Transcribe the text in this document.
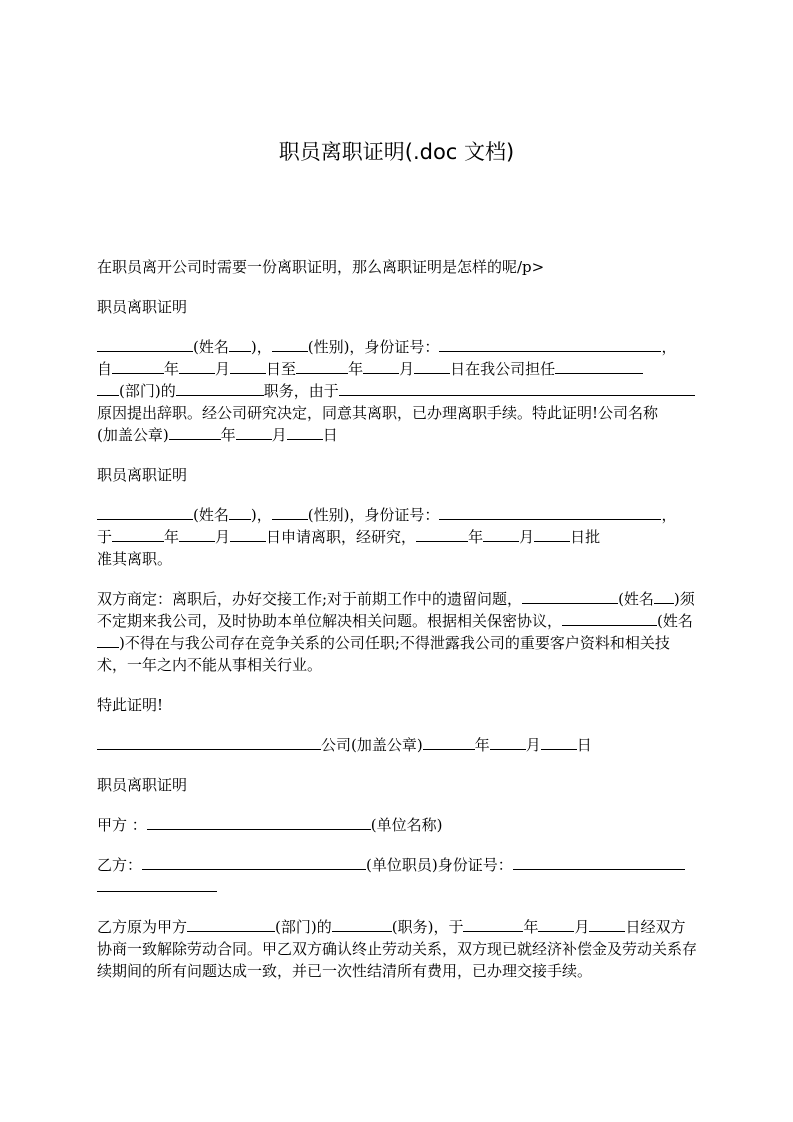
职员离职证明(.doc 文档)

在职员离开公司时需要一份离职证明，那么离职证明是怎样的呢/p>

职员离职证明

(姓名 )， (性别)，身份证号：	，
自	年 月 日至	年 月 日在我公司担任
(部门)的	职务，由于
原因提出辞职。经公司研究决定，同意其离职，已办理离职手续。特此证明!公司名称
(加盖公章)	年 月 日

职员离职证明

(姓名 )， (性别)，身份证号：	，
于	年 月 日申请离职，经研究，	年 月 日批
准其离职。

双方商定：离职后，办好交接工作;对于前期工作中的遗留问题，	(姓名 )须不定期来我公司，及时协助本单位解决相关问题。根据相关保密协议，	(姓名)不得在与我公司存在竞争关系的公司任职;不得泄露我公司的重要客户资料和相关技术，一年之内不能从事相关行业。

特此证明!

公司(加盖公章)	年 月 日

职员离职证明

甲方 ：	(单位名称)

乙方：	(单位职员)身份证号：

乙方原为甲方	(部门)的	(职务)，于	年 月 日经双方协商一致解除劳动合同。甲乙双方确认终止劳动关系，双方现已就经济补偿金及劳动关系存续期间的所有问题达成一致，并已一次性结清所有费用，已办理交接手续。
